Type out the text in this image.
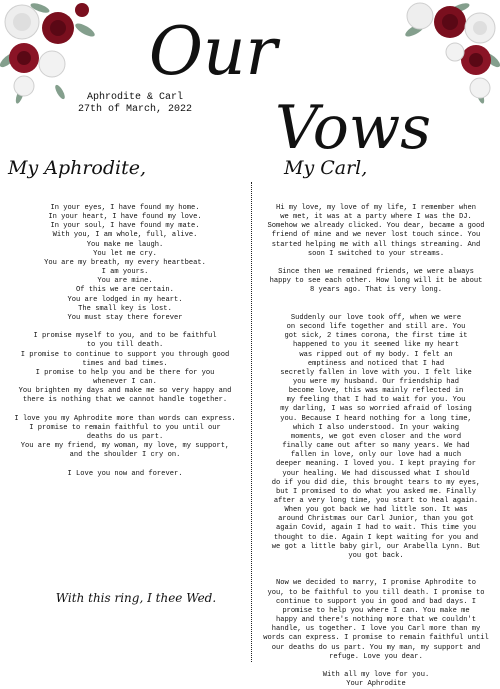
Our
Vows
Aphrodite & Carl
27th of March, 2022
My Aphrodite,	My Carl,
In your eyes, I have found my home.
In your heart, I have found my love.
In your soul, I have found my mate.
With you, I am whole, full, alive.
You make me laugh.
You let me cry.
You are my breath, my every heartbeat.
I am yours.
You are mine.
Of this we are certain.
You are lodged in my heart.
The small key is lost.
You must stay there forever

I promise myself to you, and to be faithful
to you till death.
I promise to continue to support you through good
times and bad times.
I promise to help you and be there for you
whenever I can.
You brighten my days and make me so very happy and
there is nothing that we cannot handle together.

I love you my Aphrodite more than words can express.
I promise to remain faithful to you until our
deaths do us part.
You are my friend, my woman, my love, my support,
and the shoulder I cry on.

I Love you now and forever.
Hi my love, my love of my life, I remember when
we met, it was at a party where I was the DJ.
Somehow we already clicked. You dear, became a good
friend of mine and we never lost touch since. You
started helping me with all things streaming. And
soon I switched to your streams.

Since then we remained friends, we were always
happy to see each other. How long will it be about
8 years ago. That is very long.

Suddenly our love took off, when we were
on second life together and still are. You
got sick, 2 times corona, the first time it
happened to you it seemed like my heart
was ripped out of my body. I felt an
emptiness and noticed that I had
secretly fallen in love with you. I felt like
you were my husband. Our friendship had
become love, this was mainly reflected in
my feeling that I had to wait for you. You
my darling, I was so worried afraid of losing
you. Because I heard nothing for a long time,
which I also understood. In your waking
moments, we got even closer and the word
finally came out after so many years. We had
fallen in love, only our love had a much
deeper meaning. I loved you. I kept praying for
your healing. We had discussed what I should
do if you did die, this brought tears to my eyes,
but I promised to do what you asked me. Finally
after a very long time, you start to heal again.
When you got back we had little son. It was
around Christmas our Carl Junior, than you got
again Covid, again I had to wait. This time you
thought to die. Again I kept waiting for you and
we got a little baby girl, our Arabella Lynn. But
you got back.

Now we decided to marry, I promise Aphrodite to
you, to be faithful to you till death. I promise to
continue to support you in good and bad days. I
promise to help you where I can. You make me
happy and there's nothing more that we couldn't
handle, us together. I love you Carl more than my
words can express. I promise to remain faithful until
our deaths do us part. You my man, my support and
refuge. Love you dear.

With all my love for you.
Your Aphrodite
With this ring, I thee Wed.
